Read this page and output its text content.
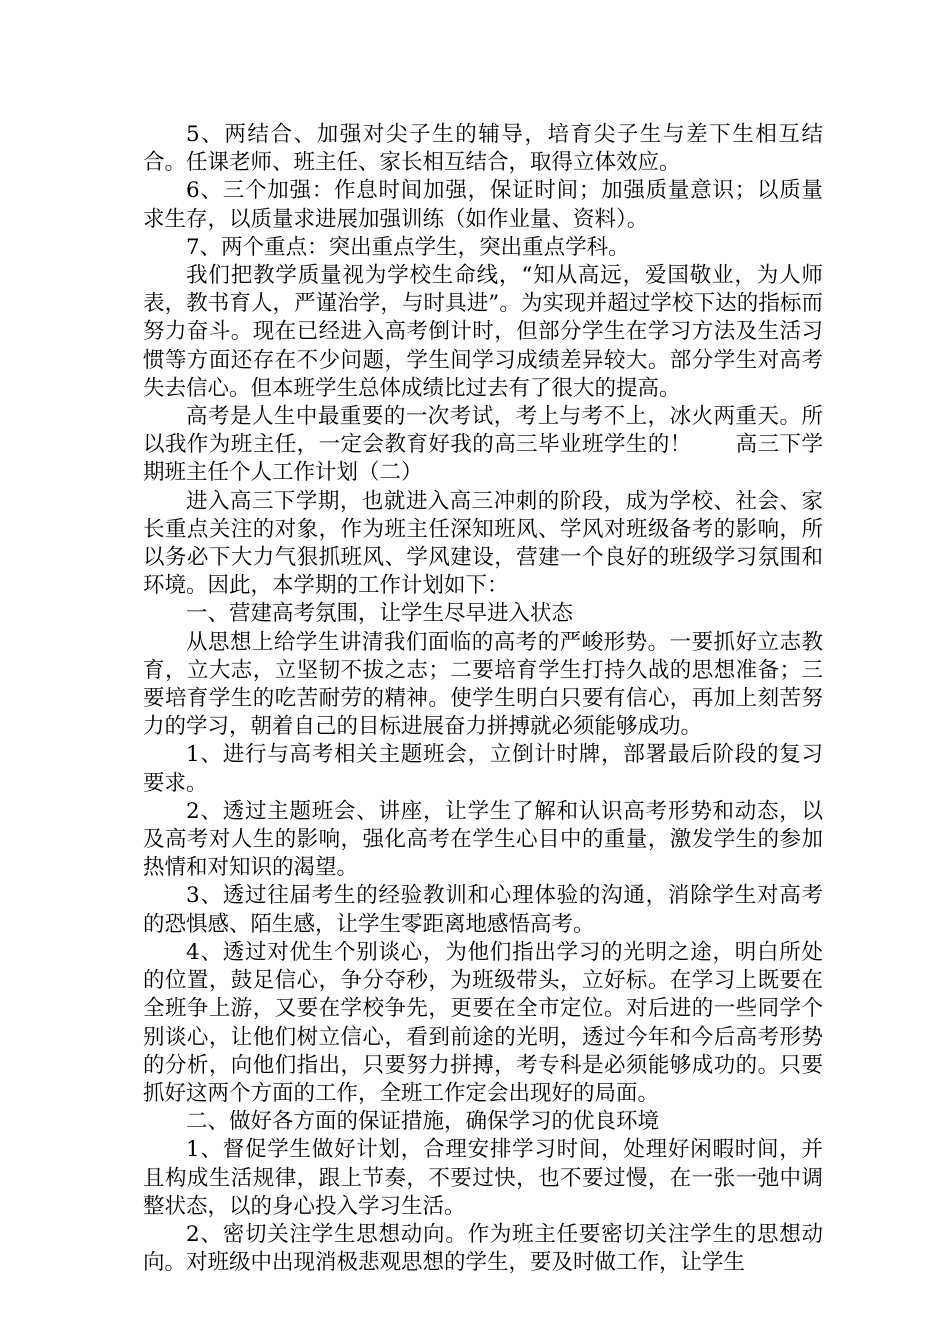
5、两结合、加强对尖子生的辅导，培育尖子生与差下生相互结合。任课老师、班主任、家长相互结合，取得立体效应。

6、三个加强：作息时间加强，保证时间；加强质量意识；以质量求生存，以质量求进展加强训练（如作业量、资料）。

7、两个重点：突出重点学生，突出重点学科。

我们把教学质量视为学校生命线，“知从高远，爱国敬业，为人师表，教书育人，严谨治学，与时具进”。为实现并超过学校下达的指标而努力奋斗。现在已经进入高考倒计时，但部分学生在学习方法及生活习惯等方面还存在不少问题，学生间学习成绩差异较大。部分学生对高考失去信心。但本班学生总体成绩比过去有了很大的提高。

高考是人生中最重要的一次考试，考上与考不上，冰火两重天。所以我作为班主任，一定会教育好我的高三毕业班学生的！　　高三下学期班主任个人工作计划（二）

进入高三下学期，也就进入高三冲刺的阶段，成为学校、社会、家长重点关注的对象，作为班主任深知班风、学风对班级备考的影响，所以务必下大力气狠抓班风、学风建设，营建一个良好的班级学习氛围和环境。因此，本学期的工作计划如下：

一、营建高考氛围，让学生尽早进入状态

从思想上给学生讲清我们面临的高考的严峻形势。一要抓好立志教育，立大志，立坚韧不拔之志；二要培育学生打持久战的思想准备；三要培育学生的吃苦耐劳的精神。使学生明白只要有信心，再加上刻苦努力的学习，朝着自己的目标进展奋力拼搏就必须能够成功。

1、进行与高考相关主题班会，立倒计时牌，部署最后阶段的复习要求。

2、透过主题班会、讲座，让学生了解和认识高考形势和动态，以及高考对人生的影响，强化高考在学生心目中的重量，激发学生的参加热情和对知识的渴望。

3、透过往届考生的经验教训和心理体验的沟通，消除学生对高考的恐惧感、陌生感，让学生零距离地感悟高考。

4、透过对优生个别谈心，为他们指出学习的光明之途，明白所处的位置，鼓足信心，争分夺秒，为班级带头，立好标。在学习上既要在全班争上游，又要在学校争先，更要在全市定位。对后进的一些同学个别谈心，让他们树立信心，看到前途的光明，透过今年和今后高考形势的分析，向他们指出，只要努力拼搏，考专科是必须能够成功的。只要抓好这两个方面的工作，全班工作定会出现好的局面。

二、做好各方面的保证措施，确保学习的优良环境

1、督促学生做好计划，合理安排学习时间，处理好闲暇时间，并且构成生活规律，跟上节奏，不要过快，也不要过慢，在一张一弛中调整状态，以的身心投入学习生活。

2、密切关注学生思想动向。作为班主任要密切关注学生的思想动向。对班级中出现消极悲观思想的学生，要及时做工作，让学生
